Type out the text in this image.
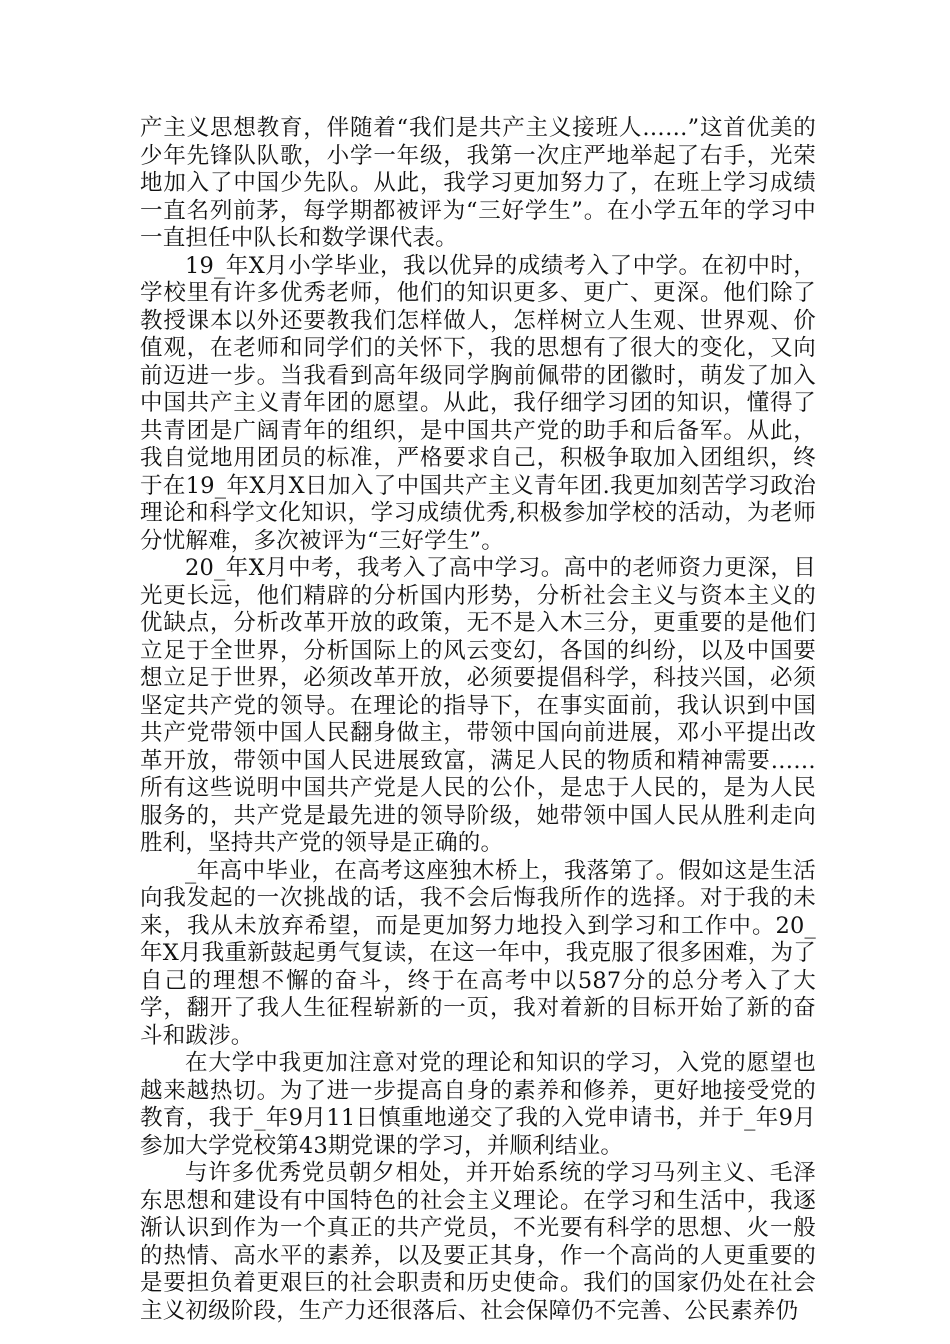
产主义思想教育，伴随着“我们是共产主义接班人……”这首优美的少年先锋队队歌，小学一年级，我第一次庄严地举起了右手，光荣地加入了中国少先队。从此，我学习更加努力了，在班上学习成绩一直名列前茅，每学期都被评为“三好学生”。在小学五年的学习中一直担任中队长和数学课代表。

19_年X月小学毕业，我以优异的成绩考入了中学。在初中时，学校里有许多优秀老师，他们的知识更多、更广、更深。他们除了教授课本以外还要教我们怎样做人，怎样树立人生观、世界观、价值观，在老师和同学们的关怀下，我的思想有了很大的变化，又向前迈进一步。当我看到高年级同学胸前佩带的团徽时，萌发了加入中国共产主义青年团的愿望。从此，我仔细学习团的知识，懂得了共青团是广阔青年的组织，是中国共产党的助手和后备军。从此，我自觉地用团员的标准，严格要求自己，积极争取加入团组织，终于在19_年X月X日加入了中国共产主义青年团.我更加刻苦学习政治理论和科学文化知识，学习成绩优秀,积极参加学校的活动，为老师分忧解难，多次被评为“三好学生”。

20_年X月中考，我考入了高中学习。高中的老师资力更深，目光更长远，他们精辟的分析国内形势，分析社会主义与资本主义的优缺点，分析改革开放的政策，无不是入木三分，更重要的是他们立足于全世界，分析国际上的风云变幻，各国的纠纷，以及中国要想立足于世界，必须改革开放，必须要提倡科学，科技兴国，必须坚定共产党的领导。在理论的指导下，在事实面前，我认识到中国共产党带领中国人民翻身做主，带领中国向前进展，邓小平提出改革开放，带领中国人民进展致富，满足人民的物质和精神需要……所有这些说明中国共产党是人民的公仆，是忠于人民的，是为人民服务的，共产党是最先进的领导阶级，她带领中国人民从胜利走向胜利，坚持共产党的领导是正确的。

_年高中毕业，在高考这座独木桥上，我落第了。假如这是生活向我发起的一次挑战的话，我不会后悔我所作的选择。对于我的未来，我从未放弃希望，而是更加努力地投入到学习和工作中。20_年X月我重新鼓起勇气复读，在这一年中，我克服了很多困难，为了自己的理想不懈的奋斗，终于在高考中以587分的总分考入了大学，翻开了我人生征程崭新的一页，我对着新的目标开始了新的奋斗和跋涉。

在大学中我更加注意对党的理论和知识的学习，入党的愿望也越来越热切。为了进一步提高自身的素养和修养，更好地接受党的教育，我于_年9月11日慎重地递交了我的入党申请书，并于_年9月参加大学党校第43期党课的学习，并顺利结业。

与许多优秀党员朝夕相处，并开始系统的学习马列主义、毛泽东思想和建设有中国特色的社会主义理论。在学习和生活中，我逐渐认识到作为一个真正的共产党员，不光要有科学的思想、火一般的热情、高水平的素养，以及要正其身，作一个高尚的人更重要的是要担负着更艰巨的社会职责和历史使命。我们的国家仍处在社会主义初级阶段，生产力还很落后、社会保障仍不完善、公民素养仍
